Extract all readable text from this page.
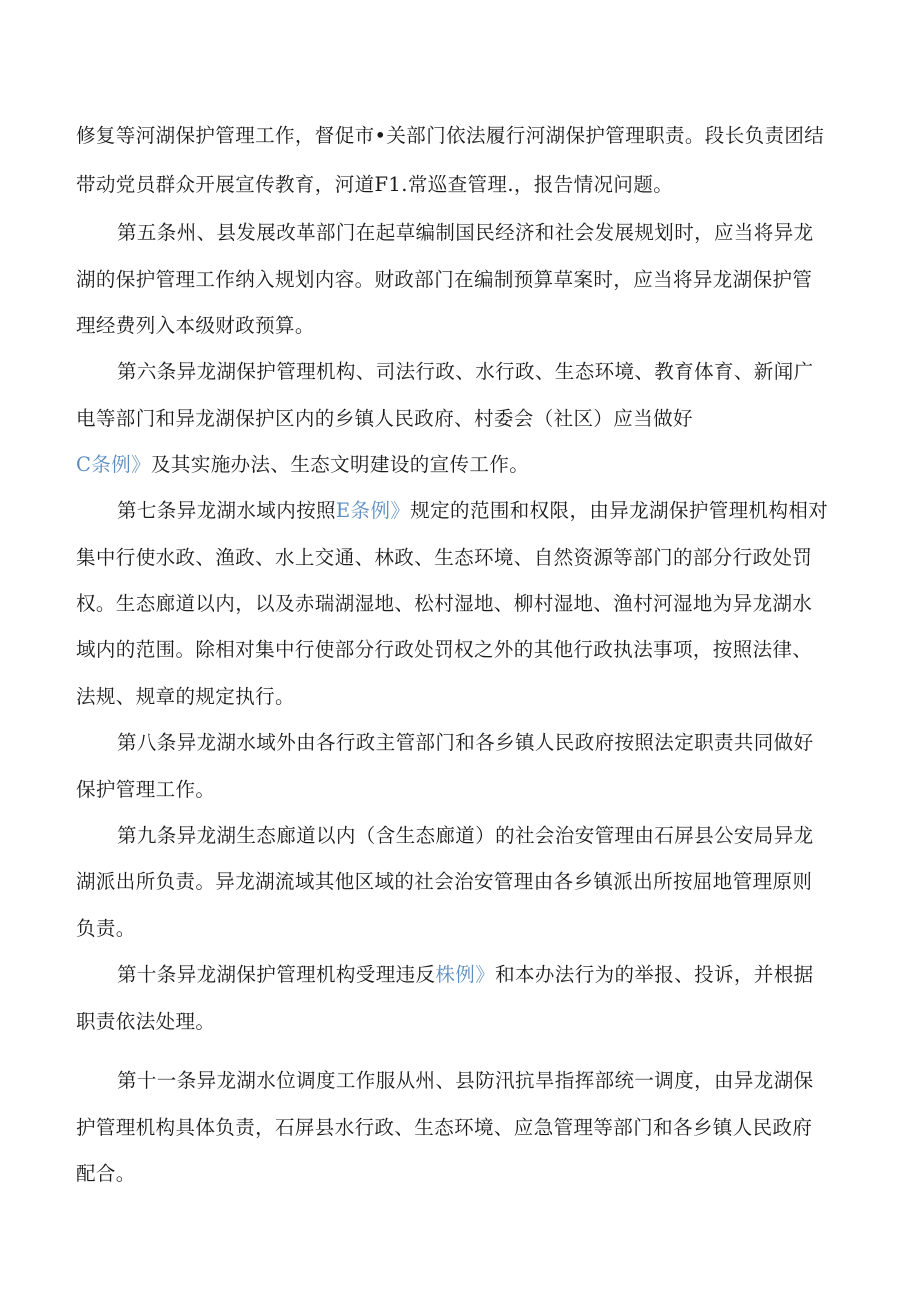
修复等河湖保护管理工作，督促市•关部门依法履行河湖保护管理职责。段长负责团结
带动党员群众开展宣传教育，河道F1.常巡查管理.，报告情况问题。
第五条州、县发展改革部门在起草编制国民经济和社会发展规划时，应当将异龙
湖的保护管理工作纳入规划内容。财政部门在编制预算草案时，应当将异龙湖保护管
理经费列入本级财政预算。
第六条异龙湖保护管理机构、司法行政、水行政、生态环境、教育体育、新闻广
电等部门和异龙湖保护区内的乡镇人民政府、村委会（社区）应当做好
C条例》及其实施办法、生态文明建设的宣传工作。
第七条异龙湖水域内按照E条例》规定的范围和权限，由异龙湖保护管理机构相对
集中行使水政、渔政、水上交通、林政、生态环境、自然资源等部门的部分行政处罚
权。生态廊道以内，以及赤瑞湖湿地、松村湿地、柳村湿地、渔村河湿地为异龙湖水
域内的范围。除相对集中行使部分行政处罚权之外的其他行政执法事项，按照法律、
法规、规章的规定执行。
第八条异龙湖水域外由各行政主管部门和各乡镇人民政府按照法定职责共同做好
保护管理工作。
第九条异龙湖生态廊道以内（含生态廊道）的社会治安管理由石屏县公安局异龙
湖派出所负责。异龙湖流域其他区域的社会治安管理由各乡镇派出所按屈地管理原则
负责。
第十条异龙湖保护管理机构受理违反株例》和本办法行为的举报、投诉，并根据
职责依法处理。
第十一条异龙湖水位调度工作服从州、县防汛抗旱指挥部统一调度，由异龙湖保
护管理机构具体负责，石屏县水行政、生态环境、应急管理等部门和各乡镇人民政府
配合。
